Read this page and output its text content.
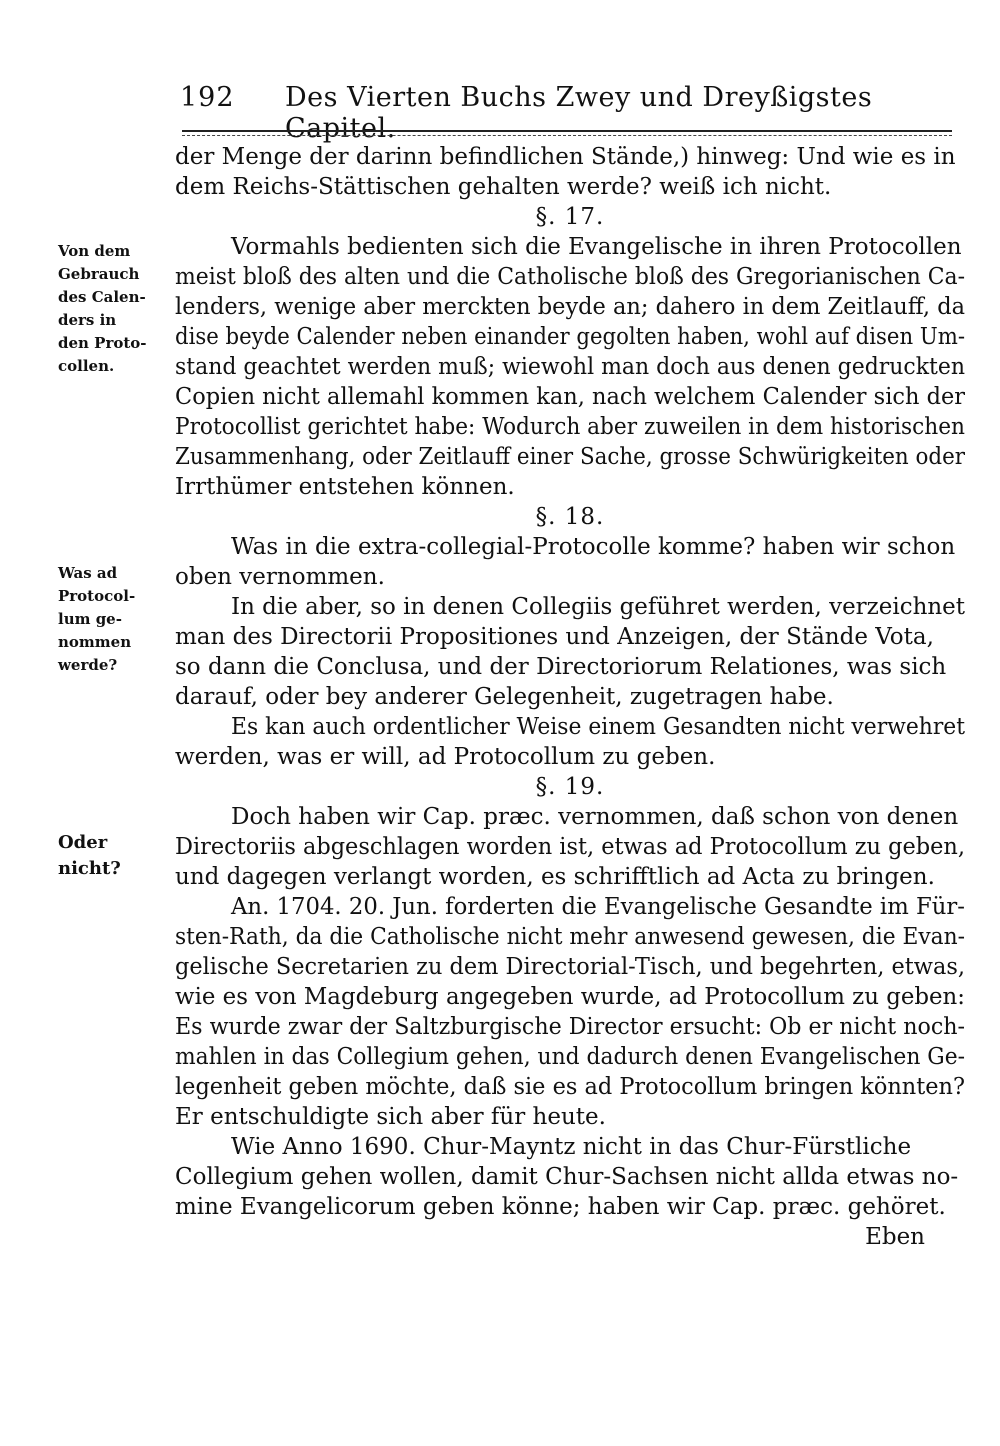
192	Des Vierten Buchs Zwey und Dreyßigstes Capitel.
Von dem
Gebrauch
des Calen-
ders in
den Proto-
collen.
Was ad
Protocol-
lum ge-
nommen
werde?
Oder
nicht?
der Menge der darinn befindlichen Stände,) hinweg: Und wie es in
dem Reichs-Stättischen gehalten werde? weiß ich nicht.
§. 17.
Vormahls bedienten sich die Evangelische in ihren Protocollen
meist bloß des alten und die Catholische bloß des Gregorianischen Ca-
lenders, wenige aber merckten beyde an; dahero in dem Zeitlauff, da
dise beyde Calender neben einander gegolten haben, wohl auf disen Um-
stand geachtet werden muß; wiewohl man doch aus denen gedruckten
Copien nicht allemahl kommen kan, nach welchem Calender sich der
Protocollist gerichtet habe: Wodurch aber zuweilen in dem historischen
Zusammenhang, oder Zeitlauff einer Sache, grosse Schwürigkeiten oder
Irrthümer entstehen können.
§. 18.
Was in die extra-collegial-Protocolle komme? haben wir schon
oben vernommen.
In die aber, so in denen Collegiis geführet werden, verzeichnet
man des Directorii Propositiones und Anzeigen, der Stände Vota,
so dann die Conclusa, und der Directoriorum Relationes, was sich
darauf, oder bey anderer Gelegenheit, zugetragen habe.
Es kan auch ordentlicher Weise einem Gesandten nicht verwehret
werden, was er will, ad Protocollum zu geben.
§. 19.
Doch haben wir Cap. præc. vernommen, daß schon von denen
Directoriis abgeschlagen worden ist, etwas ad Protocollum zu geben,
und dagegen verlangt worden, es schrifftlich ad Acta zu bringen.
An. 1704. 20. Jun. forderten die Evangelische Gesandte im Für-
sten-Rath, da die Catholische nicht mehr anwesend gewesen, die Evan-
gelische Secretarien zu dem Directorial-Tisch, und begehrten, etwas,
wie es von Magdeburg angegeben wurde, ad Protocollum zu geben:
Es wurde zwar der Saltzburgische Director ersucht: Ob er nicht noch-
mahlen in das Collegium gehen, und dadurch denen Evangelischen Ge-
legenheit geben möchte, daß sie es ad Protocollum bringen könnten?
Er entschuldigte sich aber für heute.
Wie Anno 1690. Chur-Mayntz nicht in das Chur-Fürstliche
Collegium gehen wollen, damit Chur-Sachsen nicht allda etwas no-
mine Evangelicorum geben könne; haben wir Cap. præc. gehöret.
Eben
